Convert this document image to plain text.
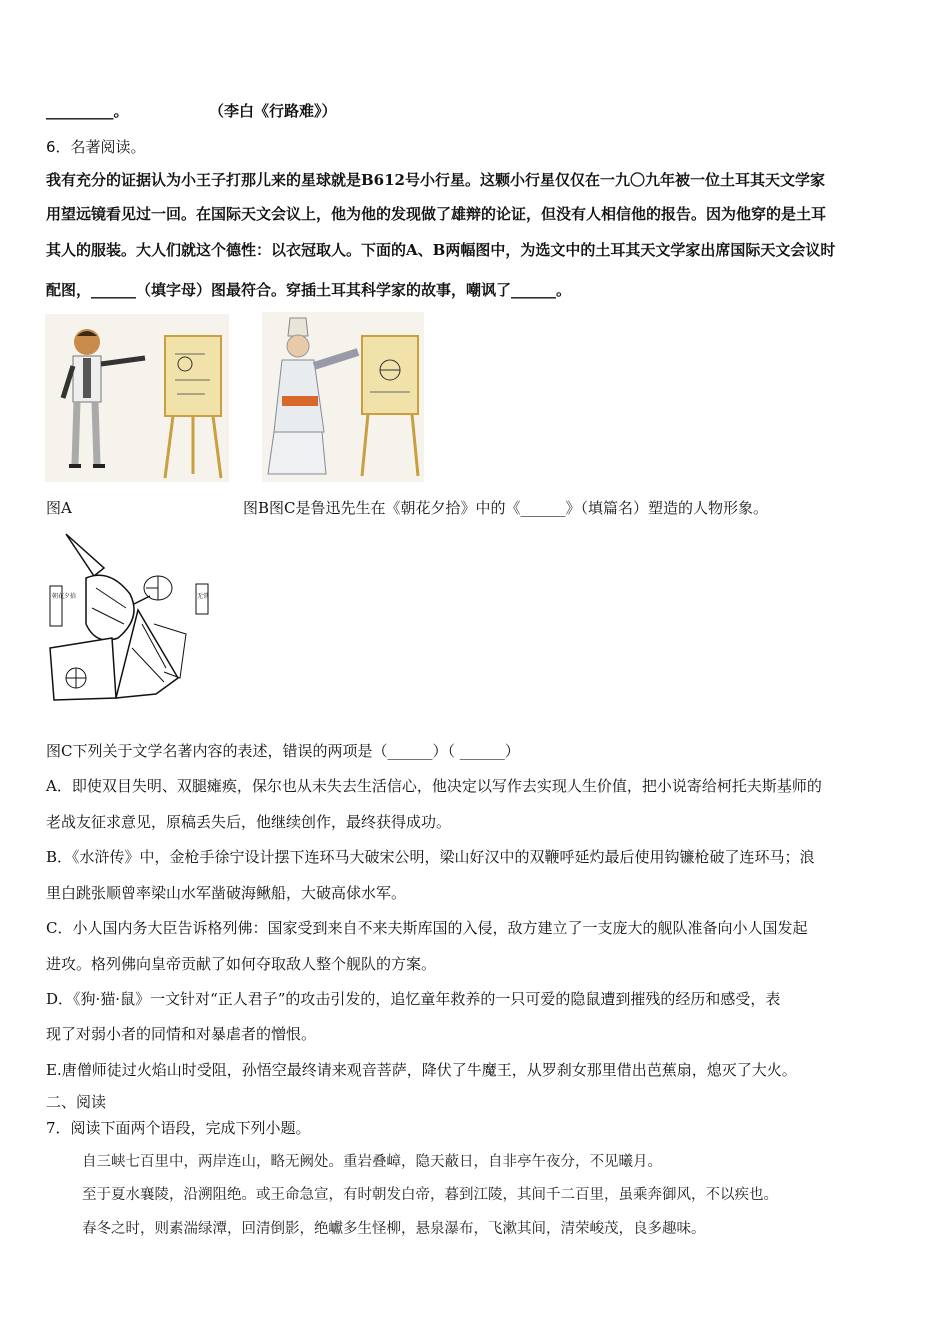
_________。	（李白《行路难》）
6．名著阅读。
我有充分的证据认为小王子打那儿来的星球就是B612号小行星。这颗小行星仅仅在一九〇九年被一位土耳其天文学家
用望远镜看见过一回。在国际天文会议上，他为他的发现做了雄辩的论证，但没有人相信他的报告。因为他穿的是土耳
其人的服装。大人们就这个德性：以衣冠取人。下面的A、B两幅图中，为选文中的土耳其天文学家出席国际天文会议时
配图，______（填字母）图最符合。穿插土耳其科学家的故事，嘲讽了______。
图A	图B图C是鲁迅先生在《朝花夕拾》中的《______》（填篇名）塑造的人物形象。
朝花夕拾	无常
图C下列关于文学名著内容的表述，错误的两项是（______）（ ______）
A．即使双目失明、双腿瘫痪，保尔也从未失去生活信心，他决定以写作去实现人生价值，把小说寄给柯托夫斯基师的
老战友征求意见，原稿丢失后，他继续创作，最终获得成功。
B．《水浒传》中，金枪手徐宁设计摆下连环马大破宋公明，梁山好汉中的双鞭呼延灼最后使用钩镰枪破了连环马；浪
里白跳张顺曾率梁山水军凿破海鳅船，大破高俅水军。
C．小人国内务大臣告诉格列佛：国家受到来自不来夫斯库国的入侵，敌方建立了一支庞大的舰队准备向小人国发起
进攻。格列佛向皇帝贡献了如何夺取敌人整个舰队的方案。
D．《狗·猫·鼠》一文针对“正人君子”的攻击引发的，追忆童年救养的一只可爱的隐鼠遭到摧残的经历和感受，表
现了对弱小者的同情和对暴虐者的憎恨。
E.唐僧师徒过火焰山时受阻，孙悟空最终请来观音菩萨，降伏了牛魔王，从罗刹女那里借出芭蕉扇，熄灭了大火。
二、阅读
7．阅读下面两个语段，完成下列小题。
自三峡七百里中，两岸连山，略无阙处。重岩叠嶂，隐天蔽日，自非亭午夜分，不见曦月。
至于夏水襄陵，沿溯阻绝。或王命急宣，有时朝发白帝，暮到江陵，其间千二百里，虽乘奔御风，不以疾也。
春冬之时，则素湍绿潭，回清倒影，绝巘多生怪柳，悬泉瀑布，飞漱其间，清荣峻茂，良多趣味。
